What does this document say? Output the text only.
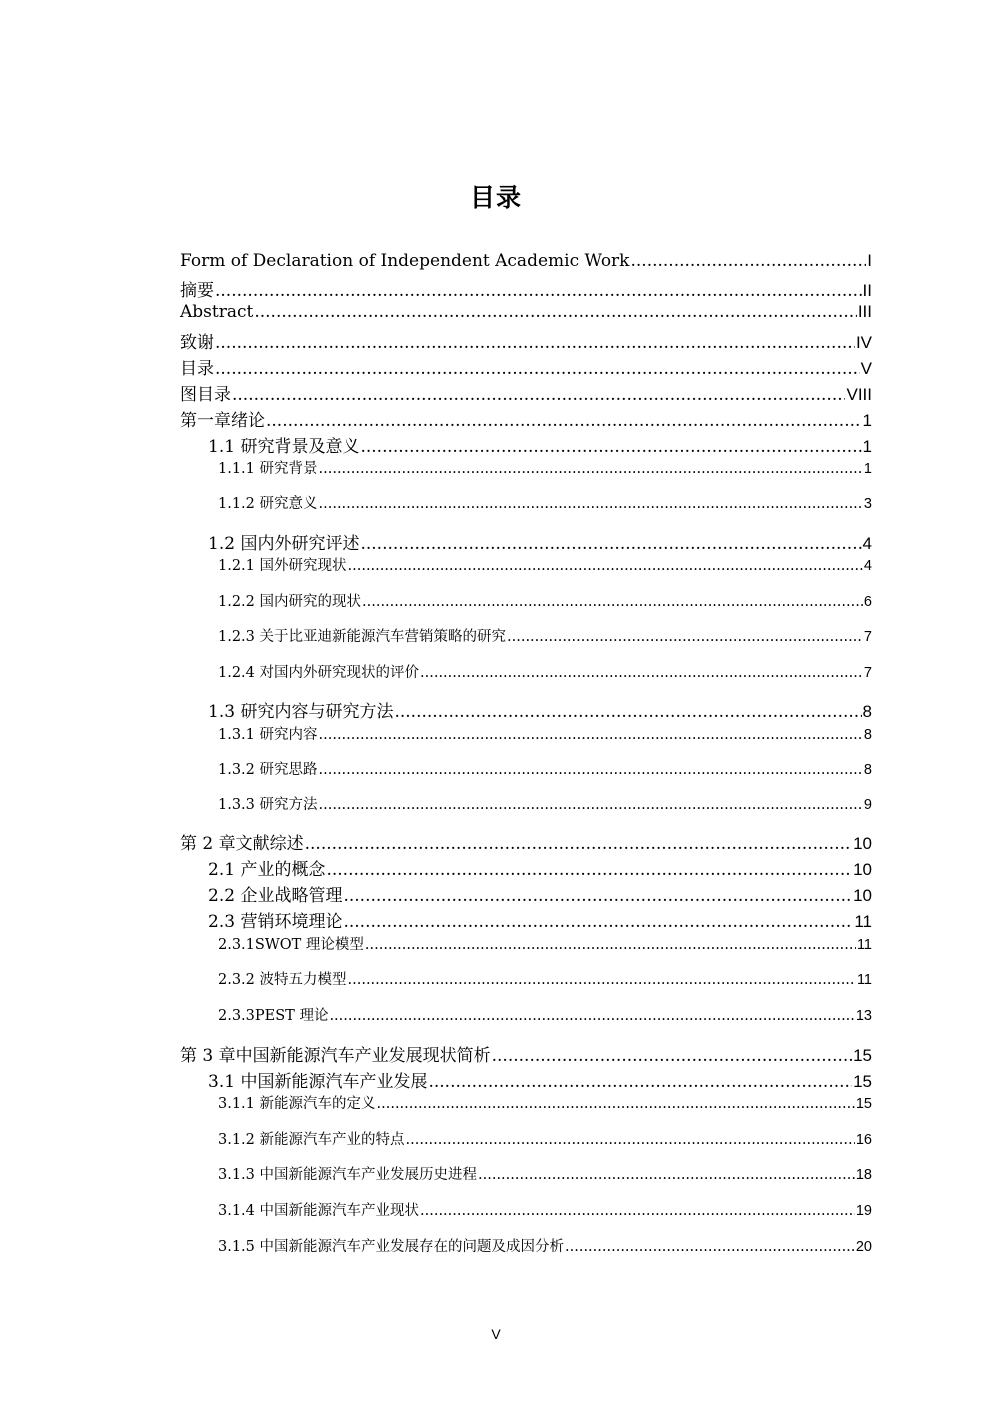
目录
Form of Declaration of Independent Academic Work .....	I
摘要 .....	II
Abstract .....	III
致谢 .....	IV
目录 .....	V
图目录 .....	VIII
第一章绪论 .....	1
1.1 研究背景及意义 .....	1
1.1.1 研究背景 .....	1
1.1.2 研究意义 .....	3
1.2 国内外研究评述 .....	4
1.2.1 国外研究现状 .....	4
1.2.2 国内研究的现状 .....	6
1.2.3 关于比亚迪新能源汽车营销策略的研究 .....	7
1.2.4 对国内外研究现状的评价 .....	7
1.3 研究内容与研究方法 .....	8
1.3.1 研究内容 .....	8
1.3.2 研究思路 .....	8
1.3.3 研究方法 .....	9
第 2 章文献综述 .....	10
2.1 产业的概念 .....	10
2.2 企业战略管理 .....	10
2.3 营销环境理论 .....	11
2.3.1SWOT 理论模型 .....	11
2.3.2 波特五力模型 .....	11
2.3.3PEST 理论 .....	13
第 3 章中国新能源汽车产业发展现状简析 .....	15
3.1 中国新能源汽车产业发展 .....	15
3.1.1 新能源汽车的定义 .....	15
3.1.2 新能源汽车产业的特点 .....	16
3.1.3 中国新能源汽车产业发展历史进程 .....	18
3.1.4 中国新能源汽车产业现状 .....	19
3.1.5 中国新能源汽车产业发展存在的问题及成因分析 .....	20
V
